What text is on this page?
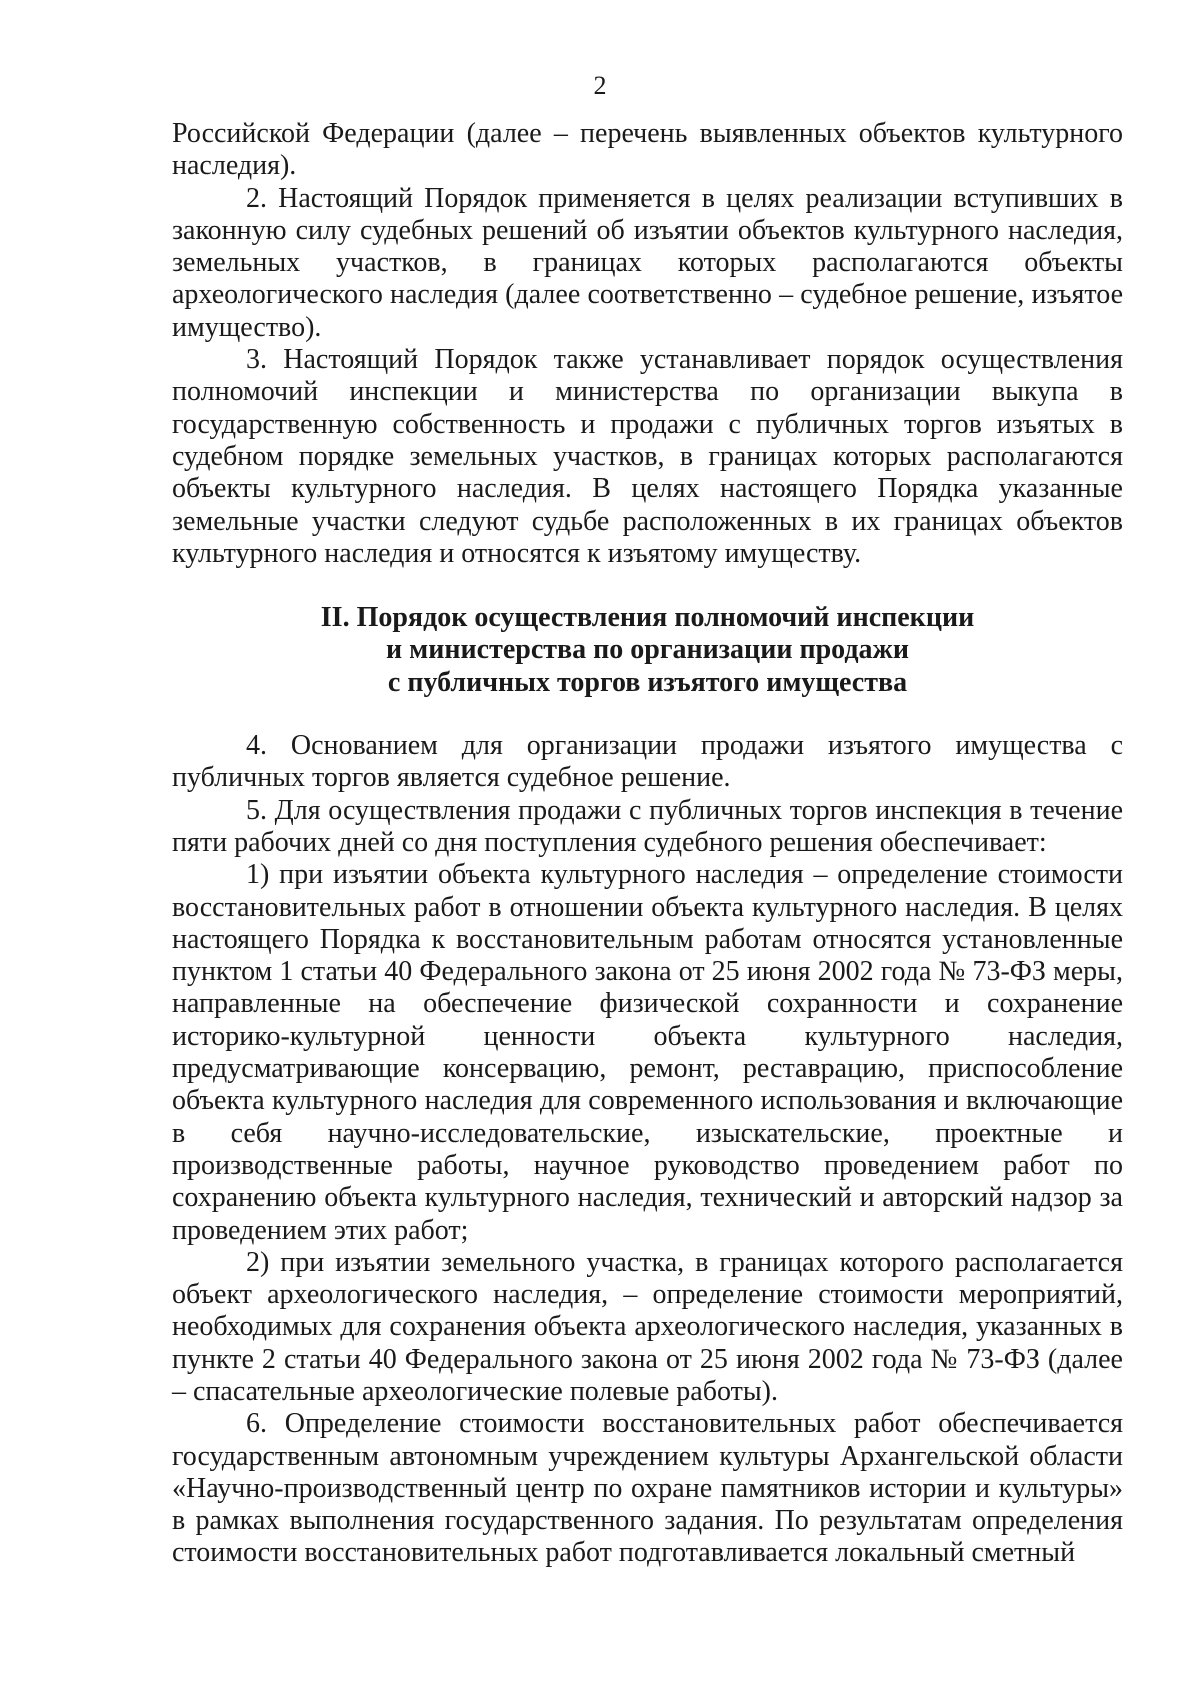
2

Российской Федерации (далее – перечень выявленных объектов культурного наследия).

2. Настоящий Порядок применяется в целях реализации вступивших в законную силу судебных решений об изъятии объектов культурного наследия, земельных участков, в границах которых располагаются объекты археологического наследия (далее соответственно – судебное решение, изъятое имущество).

3. Настоящий Порядок также устанавливает порядок осуществления полномочий инспекции и министерства по организации выкупа в государственную собственность и продажи с публичных торгов изъятых в судебном порядке земельных участков, в границах которых располагаются объекты культурного наследия. В целях настоящего Порядка указанные земельные участки следуют судьбе расположенных в их границах объектов культурного наследия и относятся к изъятому имуществу.

II. Порядок осуществления полномочий инспекции
и министерства по организации продажи
с публичных торгов изъятого имущества

4. Основанием для организации продажи изъятого имущества с публичных торгов является судебное решение.

5. Для осуществления продажи с публичных торгов инспекция в течение пяти рабочих дней со дня поступления судебного решения обеспечивает:

1) при изъятии объекта культурного наследия – определение стоимости восстановительных работ в отношении объекта культурного наследия. В целях настоящего Порядка к восстановительным работам относятся установленные пунктом 1 статьи 40 Федерального закона от 25 июня 2002 года № 73-ФЗ меры, направленные на обеспечение физической сохранности и сохранение историко-культурной ценности объекта культурного наследия, предусматривающие консервацию, ремонт, реставрацию, приспособление объекта культурного наследия для современного использования и включающие в себя научно-исследовательские, изыскательские, проектные и производственные работы, научное руководство проведением работ по сохранению объекта культурного наследия, технический и авторский надзор за проведением этих работ;

2) при изъятии земельного участка, в границах которого располагается объект археологического наследия, – определение стоимости мероприятий, необходимых для сохранения объекта археологического наследия, указанных в пункте 2 статьи 40 Федерального закона от 25 июня 2002 года № 73-ФЗ (далее – спасательные археологические полевые работы).

6. Определение стоимости восстановительных работ обеспечивается государственным автономным учреждением культуры Архангельской области «Научно-производственный центр по охране памятников истории и культуры» в рамках выполнения государственного задания. По результатам определения стоимости восстановительных работ подготавливается локальный сметный
